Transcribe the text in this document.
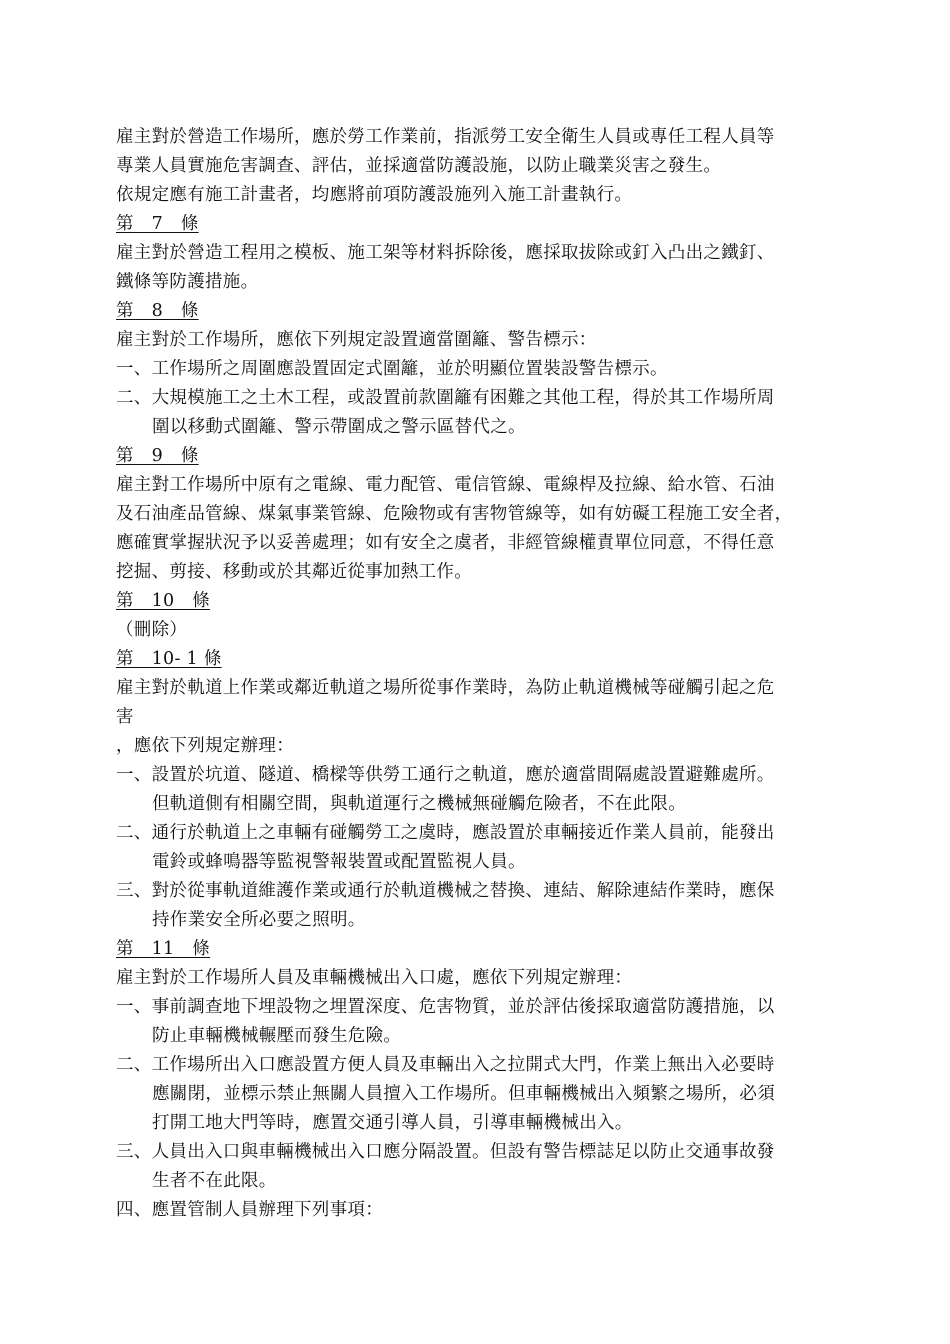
雇主對於營造工作場所，應於勞工作業前，指派勞工安全衛生人員或專任工程人員等
專業人員實施危害調查、評估，並採適當防護設施，以防止職業災害之發生。
依規定應有施工計畫者，均應將前項防護設施列入施工計畫執行。
第　7　條
雇主對於營造工程用之模板、施工架等材料拆除後，應採取拔除或釘入凸出之鐵釘、
鐵條等防護措施。
第　8　條
雇主對於工作場所，應依下列規定設置適當圍籬、警告標示：
一、工作場所之周圍應設置固定式圍籬，並於明顯位置裝設警告標示。
二、大規模施工之土木工程，或設置前款圍籬有困難之其他工程，得於其工作場所周
圍以移動式圍籬、警示帶圍成之警示區替代之。
第　9　條
雇主對工作場所中原有之電線、電力配管、電信管線、電線桿及拉線、給水管、石油
及石油產品管線、煤氣事業管線、危險物或有害物管線等，如有妨礙工程施工安全者，
應確實掌握狀況予以妥善處理；如有安全之虞者，非經管線權責單位同意，不得任意
挖掘、剪接、移動或於其鄰近從事加熱工作。
第　10　條
（刪除）
第　10- 1 條
雇主對於軌道上作業或鄰近軌道之場所從事作業時，為防止軌道機械等碰觸引起之危
害
，應依下列規定辦理：
一、設置於坑道、隧道、橋樑等供勞工通行之軌道，應於適當間隔處設置避難處所。
但軌道側有相關空間，與軌道運行之機械無碰觸危險者，不在此限。
二、通行於軌道上之車輛有碰觸勞工之虞時，應設置於車輛接近作業人員前，能發出
電鈴或蜂鳴器等監視警報裝置或配置監視人員。
三、對於從事軌道維護作業或通行於軌道機械之替換、連結、解除連結作業時，應保
持作業安全所必要之照明。
第　11　條
雇主對於工作場所人員及車輛機械出入口處，應依下列規定辦理：
一、事前調查地下埋設物之埋置深度、危害物質，並於評估後採取適當防護措施，以
防止車輛機械輾壓而發生危險。
二、工作場所出入口應設置方便人員及車輛出入之拉開式大門，作業上無出入必要時
應關閉，並標示禁止無關人員擅入工作場所。但車輛機械出入頻繁之場所，必須
打開工地大門等時，應置交通引導人員，引導車輛機械出入。
三、人員出入口與車輛機械出入口應分隔設置。但設有警告標誌足以防止交通事故發
生者不在此限。
四、應置管制人員辦理下列事項：
